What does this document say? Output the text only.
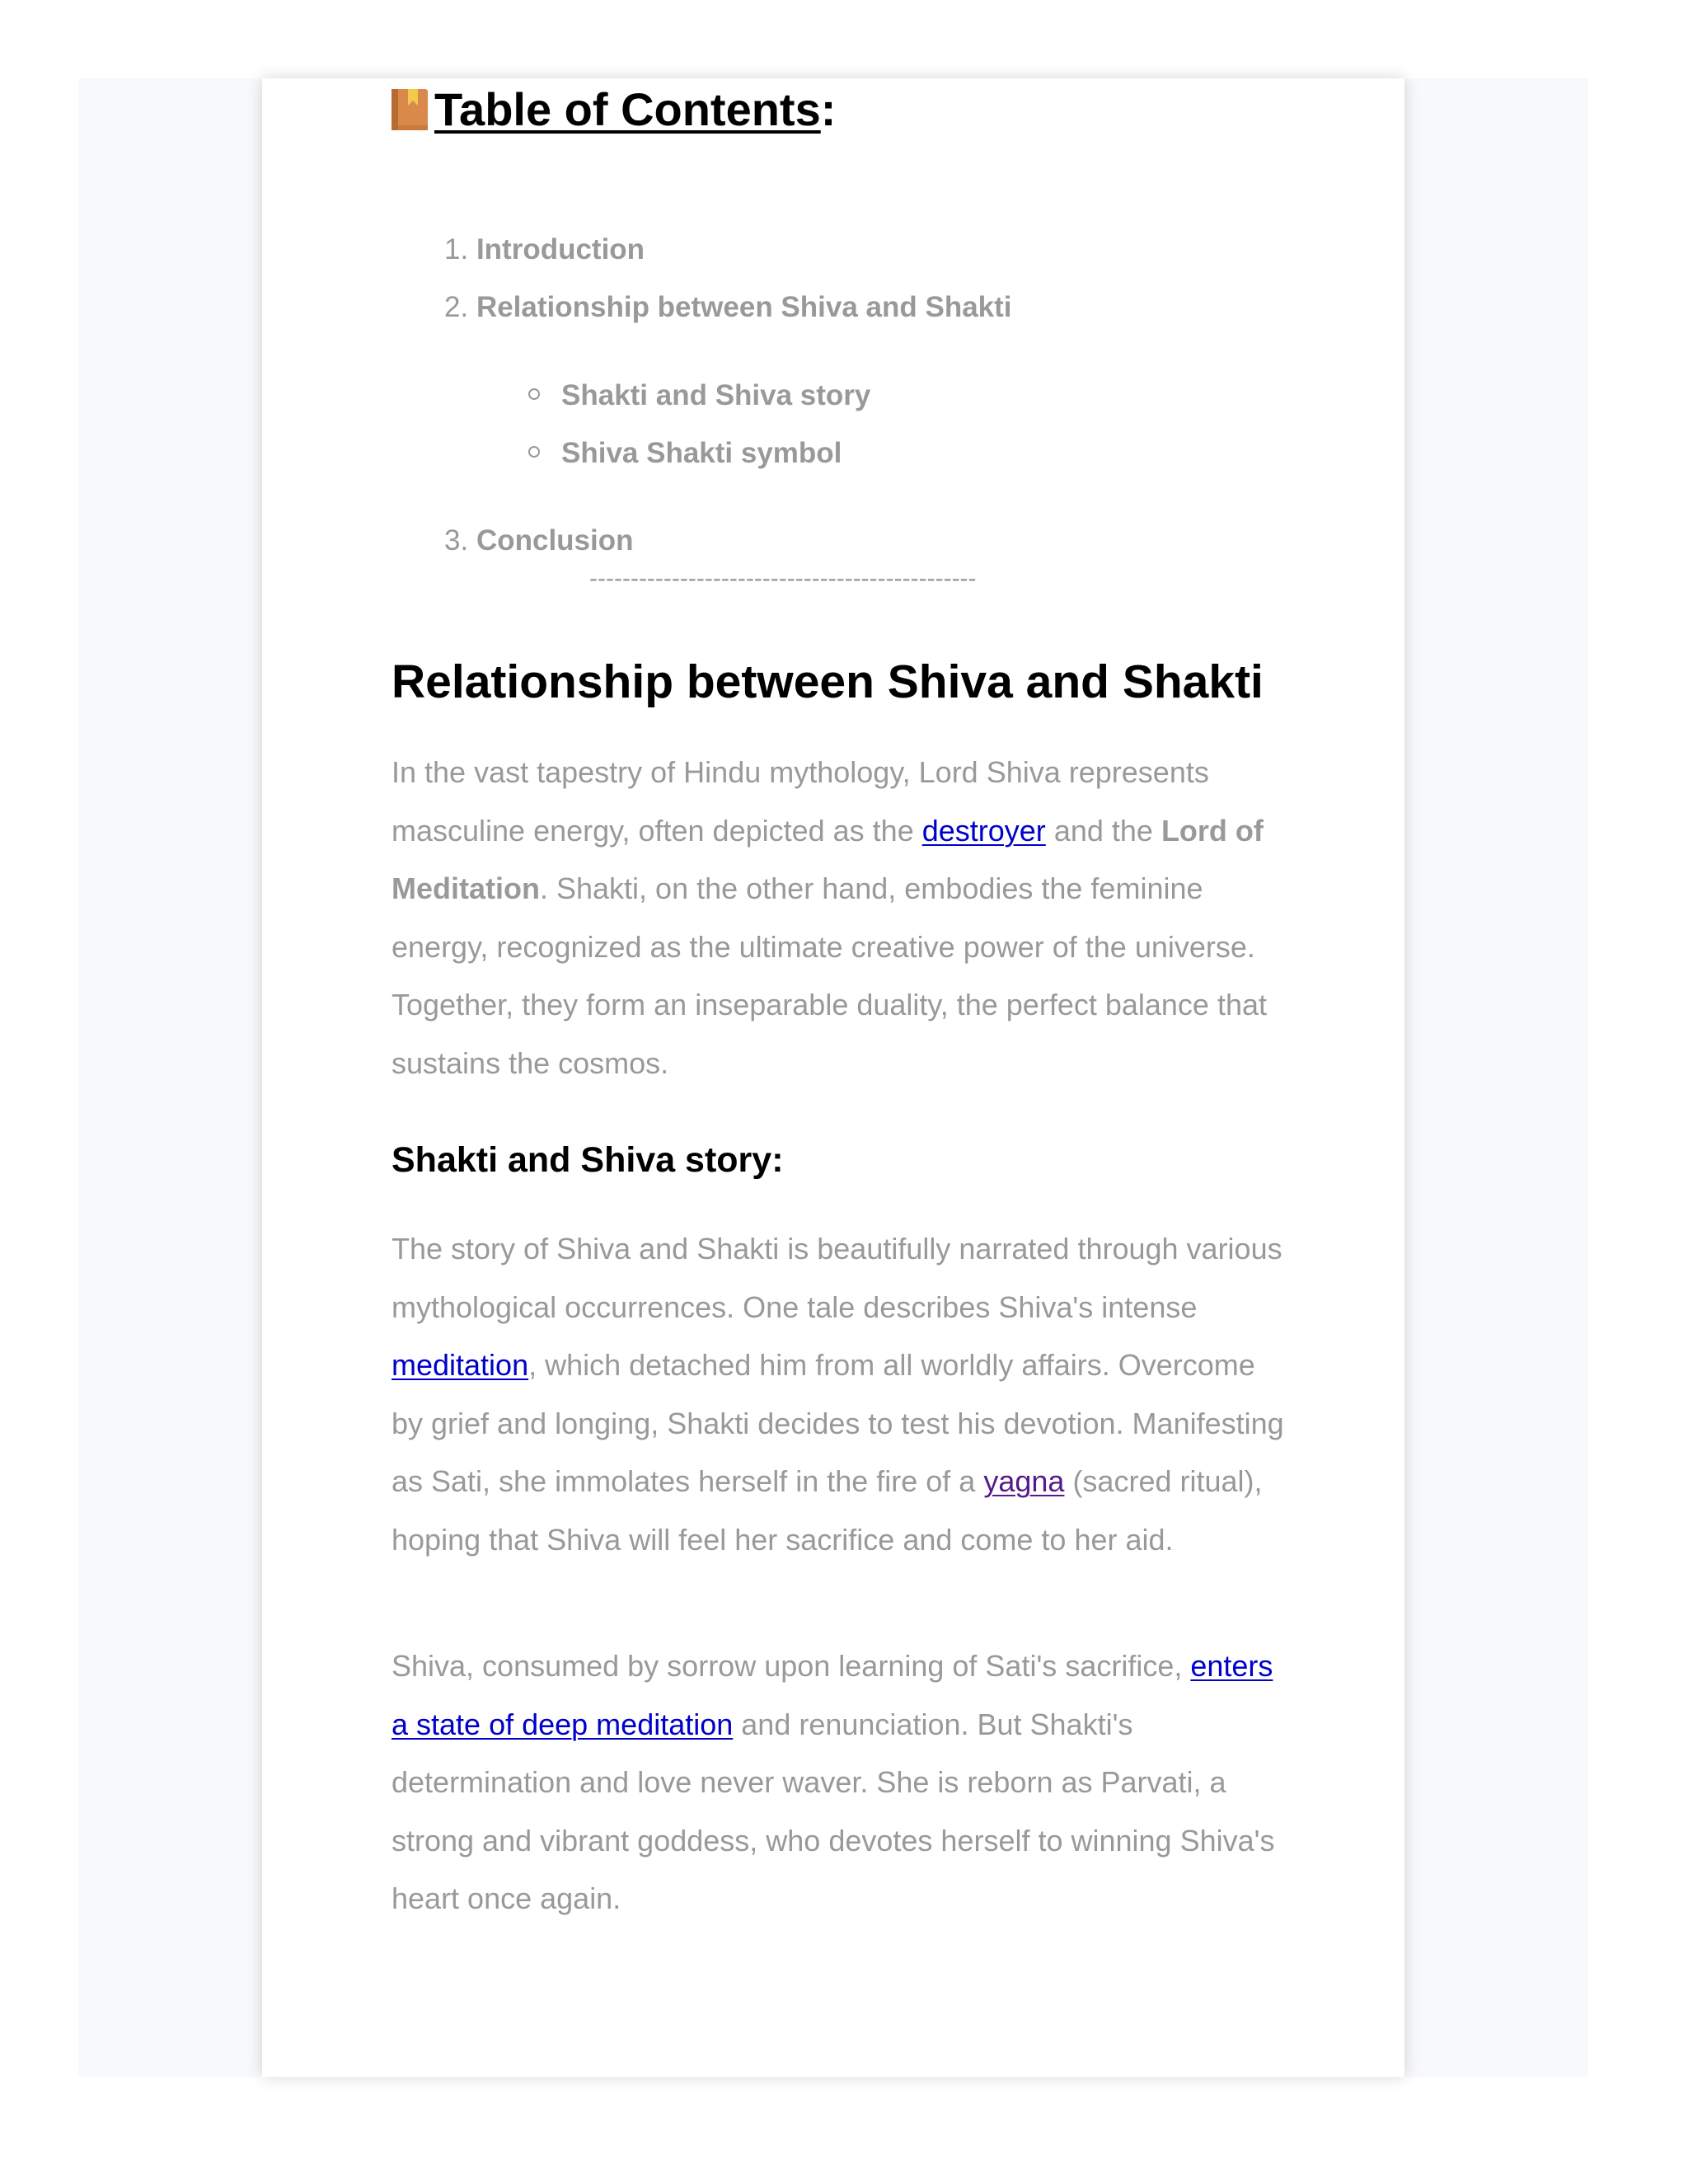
Table of Contents:
1. Introduction
2. Relationship between Shiva and Shakti
Shakti and Shiva story
Shiva Shakti symbol
3. Conclusion
-----------------------------------------------
Relationship between Shiva and Shakti
In the vast tapestry of Hindu mythology, Lord Shiva represents masculine energy, often depicted as the destroyer and the Lord of Meditation. Shakti, on the other hand, embodies the feminine energy, recognized as the ultimate creative power of the universe. Together, they form an inseparable duality, the perfect balance that sustains the cosmos.
Shakti and Shiva story:
The story of Shiva and Shakti is beautifully narrated through various mythological occurrences. One tale describes Shiva's intense meditation, which detached him from all worldly affairs. Overcome by grief and longing, Shakti decides to test his devotion. Manifesting as Sati, she immolates herself in the fire of a yagna (sacred ritual), hoping that Shiva will feel her sacrifice and come to her aid.
Shiva, consumed by sorrow upon learning of Sati's sacrifice, enters a state of deep meditation and renunciation. But Shakti's determination and love never waver. She is reborn as Parvati, a strong and vibrant goddess, who devotes herself to winning Shiva's heart once again.
